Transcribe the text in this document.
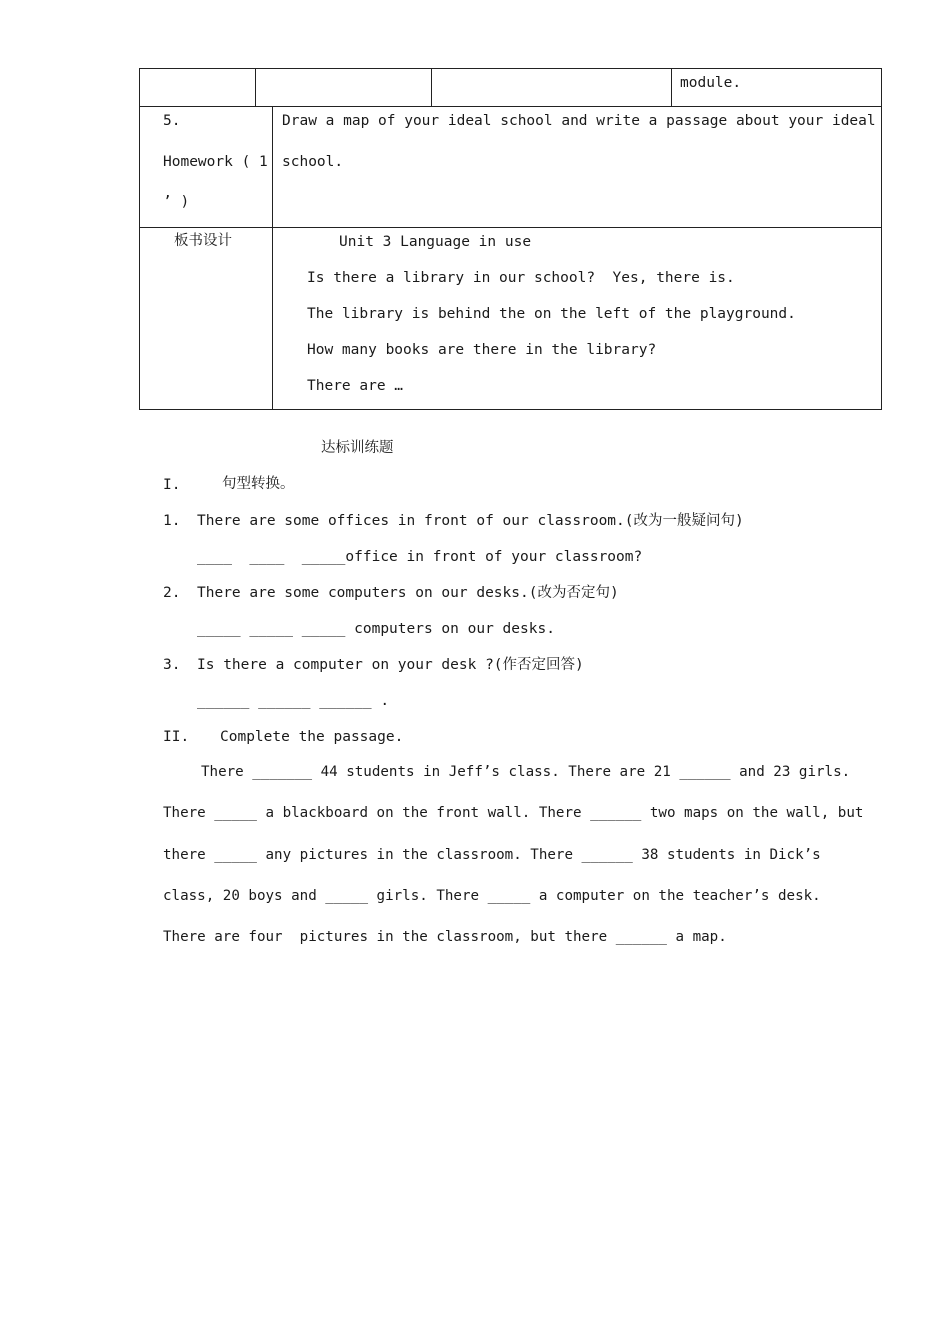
module.
5.
Homework ( 1
’ )
Draw a map of your ideal school and write a passage about your ideal
school.
板书设计	Unit 3 Language in use
Is there a library in our school?  Yes, there is.
The library is behind the on the left of the playground.
How many books are there in the library?
There are …
达标训练题
I.	句型转换。
1. There are some offices in front of our classroom.(改为一般疑问句)
____  ____  _____office in front of your classroom?
2. There are some computers on our desks.(改为否定句)
_____ _____ _____ computers on our desks.
3. Is there a computer on your desk ?(作否定回答)
______ ______ ______ .
II. Complete the passage.
There _______ 44 students in Jeff’s class. There are 21 ______ and 23 girls.
There _____ a blackboard on the front wall. There ______ two maps on the wall, but
there _____ any pictures in the classroom. There ______ 38 students in Dick’s
class, 20 boys and _____ girls. There _____ a computer on the teacher’s desk.
There are four  pictures in the classroom, but there ______ a map.
